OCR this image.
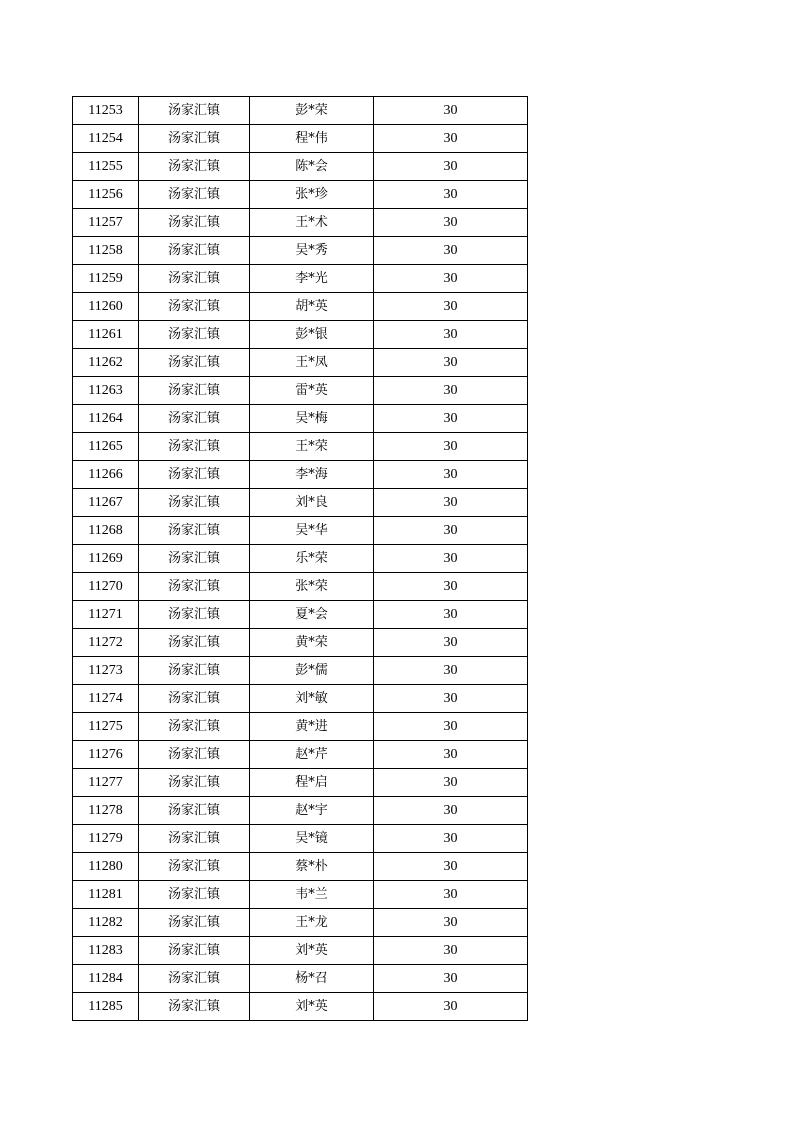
11253	汤家汇镇	彭*荣	30
11254	汤家汇镇	程*伟	30
11255	汤家汇镇	陈*会	30
11256	汤家汇镇	张*珍	30
11257	汤家汇镇	王*术	30
11258	汤家汇镇	吴*秀	30
11259	汤家汇镇	李*光	30
11260	汤家汇镇	胡*英	30
11261	汤家汇镇	彭*银	30
11262	汤家汇镇	王*凤	30
11263	汤家汇镇	雷*英	30
11264	汤家汇镇	吴*梅	30
11265	汤家汇镇	王*荣	30
11266	汤家汇镇	李*海	30
11267	汤家汇镇	刘*良	30
11268	汤家汇镇	吴*华	30
11269	汤家汇镇	乐*荣	30
11270	汤家汇镇	张*荣	30
11271	汤家汇镇	夏*会	30
11272	汤家汇镇	黄*荣	30
11273	汤家汇镇	彭*儒	30
11274	汤家汇镇	刘*敏	30
11275	汤家汇镇	黄*进	30
11276	汤家汇镇	赵*芹	30
11277	汤家汇镇	程*启	30
11278	汤家汇镇	赵*宇	30
11279	汤家汇镇	吴*镜	30
11280	汤家汇镇	蔡*朴	30
11281	汤家汇镇	韦*兰	30
11282	汤家汇镇	王*龙	30
11283	汤家汇镇	刘*英	30
11284	汤家汇镇	杨*召	30
11285	汤家汇镇	刘*英	30
